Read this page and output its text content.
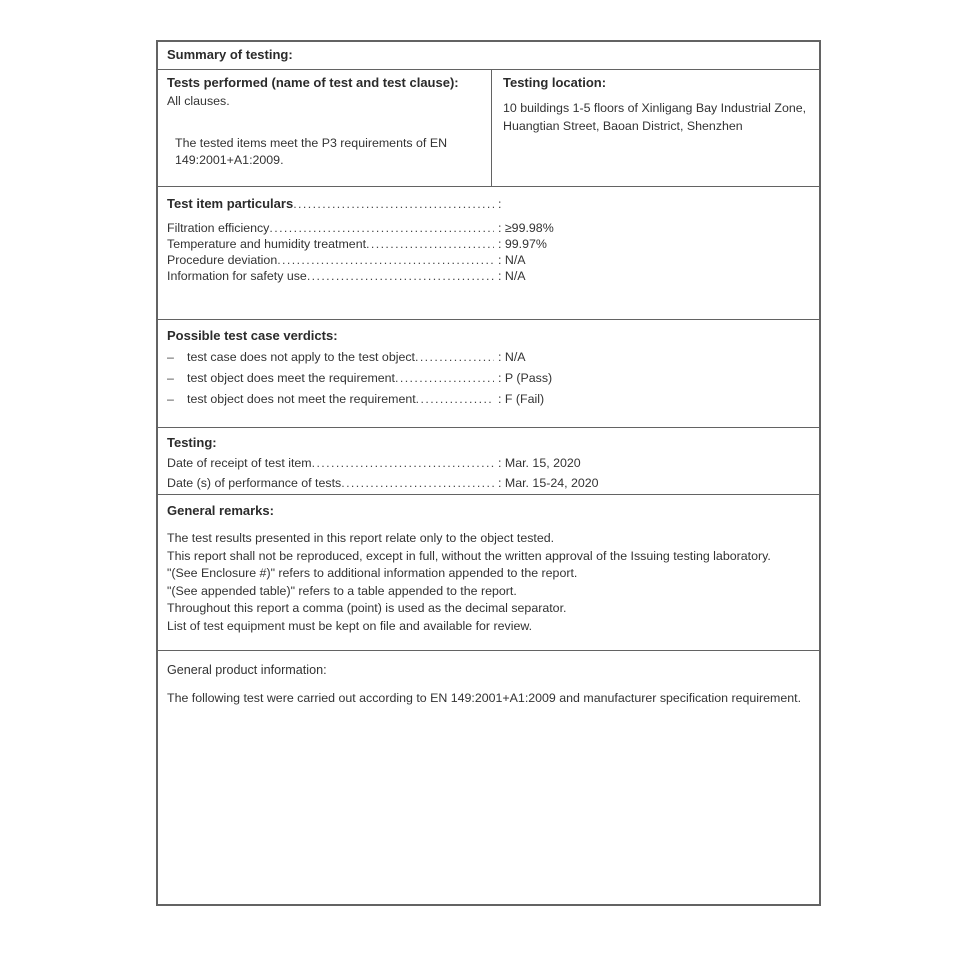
Summary of testing:
Tests performed (name of test and test clause):
All clauses.
The tested items meet the P3 requirements of EN 149:2001+A1:2009.
Testing location:
10 buildings 1-5 floors of Xinligang Bay Industrial Zone, Huangtian Street, Baoan District, Shenzhen
Test item particulars .....	:
Filtration efficiency .....	: ≥99.98%
Temperature and humidity treatment .....	: 99.97%
Procedure deviation .....	: N/A
Information for safety use .....	: N/A
Possible test case verdicts:
–	test case does not apply to the test object .....	: N/A
–	test object does meet the requirement .....	: P (Pass)
–	test object does not meet the requirement .....	: F (Fail)
Testing:
Date of receipt of test item .....	: Mar. 15, 2020
Date (s) of performance of tests .....	: Mar. 15-24, 2020
General remarks:
The test results presented in this report relate only to the object tested.
This report shall not be reproduced, except in full, without the written approval of the Issuing testing laboratory.
"(See Enclosure #)" refers to additional information appended to the report.
"(See appended table)" refers to a table appended to the report.
Throughout this report a comma (point) is used as the decimal separator.
List of test equipment must be kept on file and available for review.
General product information:
The following test were carried out according to EN 149:2001+A1:2009 and manufacturer specification requirement.
